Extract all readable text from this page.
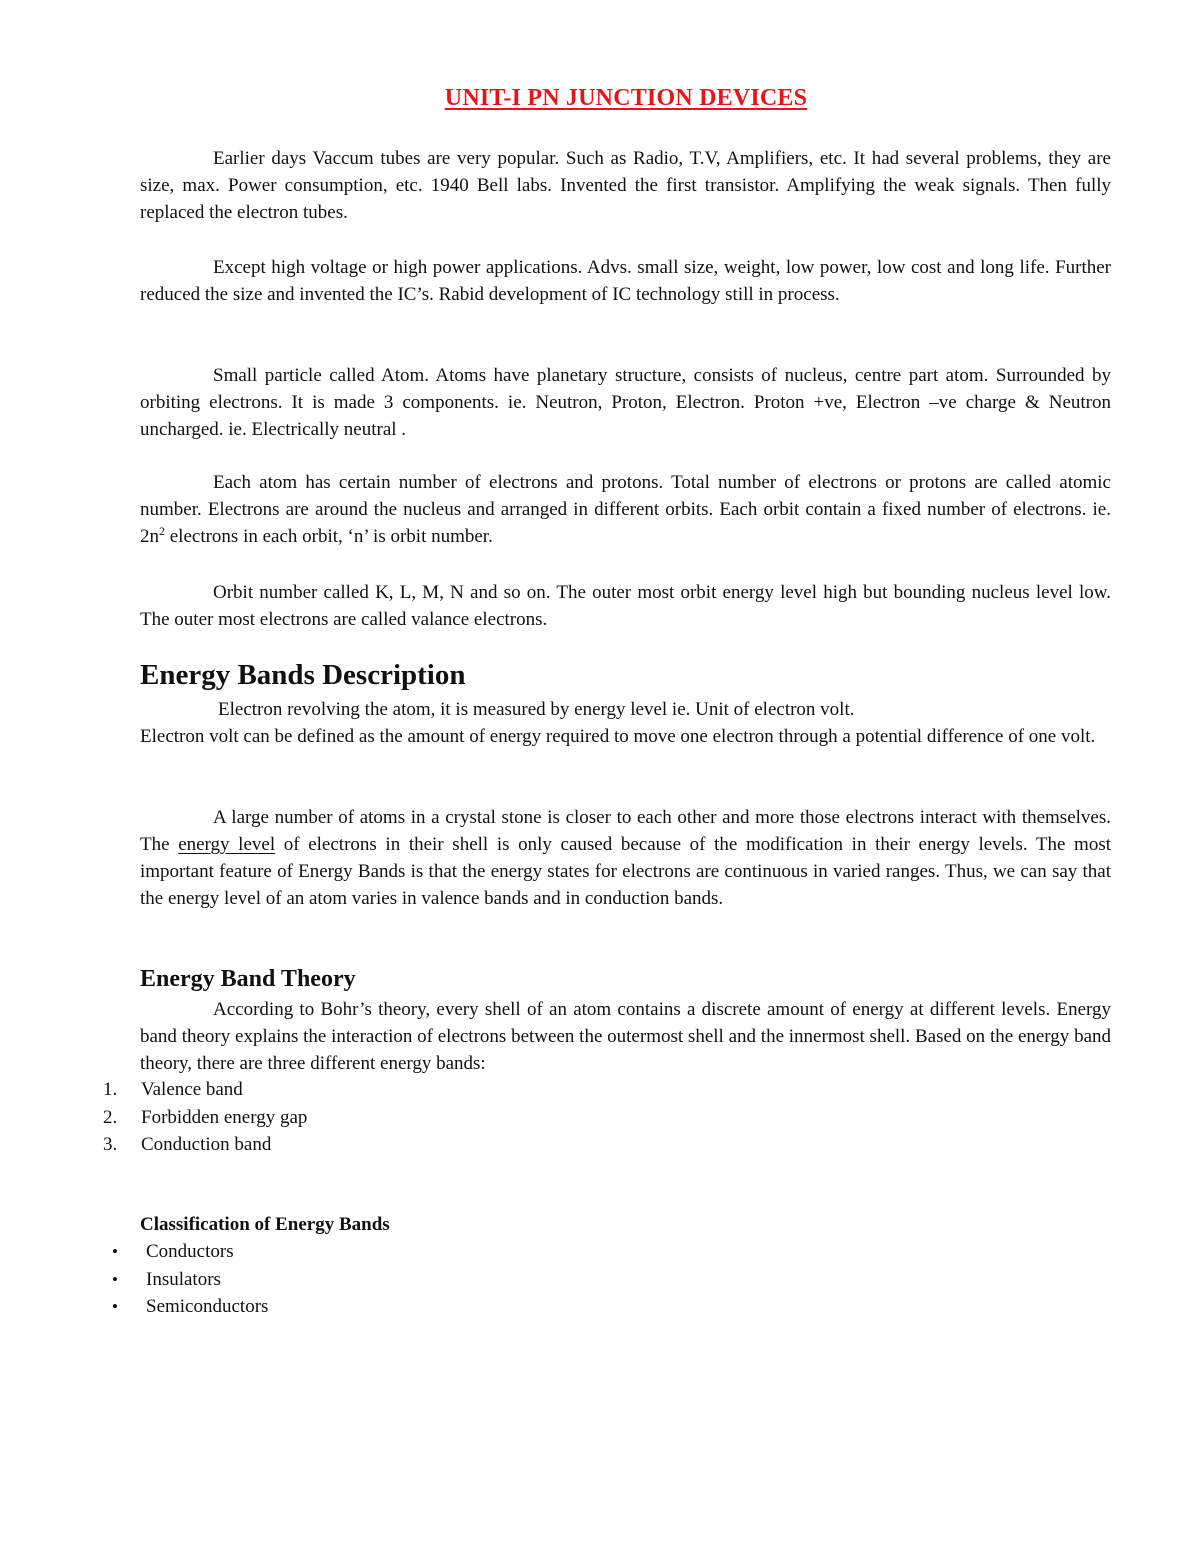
UNIT-I PN JUNCTION DEVICES

Earlier days Vaccum tubes are very popular. Such as Radio, T.V, Amplifiers, etc. It had several problems, they are size, max. Power consumption, etc. 1940 Bell labs. Invented the first transistor. Amplifying the weak signals. Then fully replaced the electron tubes.

Except high voltage or high power applications. Advs. small size, weight, low power, low cost and long life. Further reduced the size and invented the IC’s. Rabid development of IC technology still in process.

Small particle called Atom. Atoms have planetary structure, consists of nucleus, centre part atom. Surrounded by orbiting electrons. It is made 3 components. ie. Neutron, Proton, Electron. Proton +ve, Electron –ve charge & Neutron uncharged. ie. Electrically neutral .

Each atom has certain number of electrons and protons. Total number of electrons or protons are called atomic number. Electrons are around the nucleus and arranged in different orbits. Each orbit contain a fixed number of electrons. ie. $2n^2$ electrons in each orbit, ‘n’ is orbit number.

Orbit number called K, L, M, N and so on. The outer most orbit energy level high but bounding nucleus level low. The outer most electrons are called valance electrons.

Energy Bands Description
Electron revolving the atom, it is measured by energy level ie. Unit of electron volt.
Electron volt can be defined as the amount of energy required to move one electron through a potential difference of one volt.

A large number of atoms in a crystal stone is closer to each other and more those electrons interact with themselves. The energy level of electrons in their shell is only caused because of the modification in their energy levels. The most important feature of Energy Bands is that the energy states for electrons are continuous in varied ranges. Thus, we can say that the energy level of an atom varies in valence bands and in conduction bands.

Energy Band Theory

According to Bohr’s theory, every shell of an atom contains a discrete amount of energy at different levels. Energy band theory explains the interaction of electrons between the outermost shell and the innermost shell. Based on the energy band theory, there are three different energy bands:

1.	Valence band
2.	Forbidden energy gap
3.	Conduction band
Classification of Energy Bands
• Conductors
• Insulators
• Semiconductors
